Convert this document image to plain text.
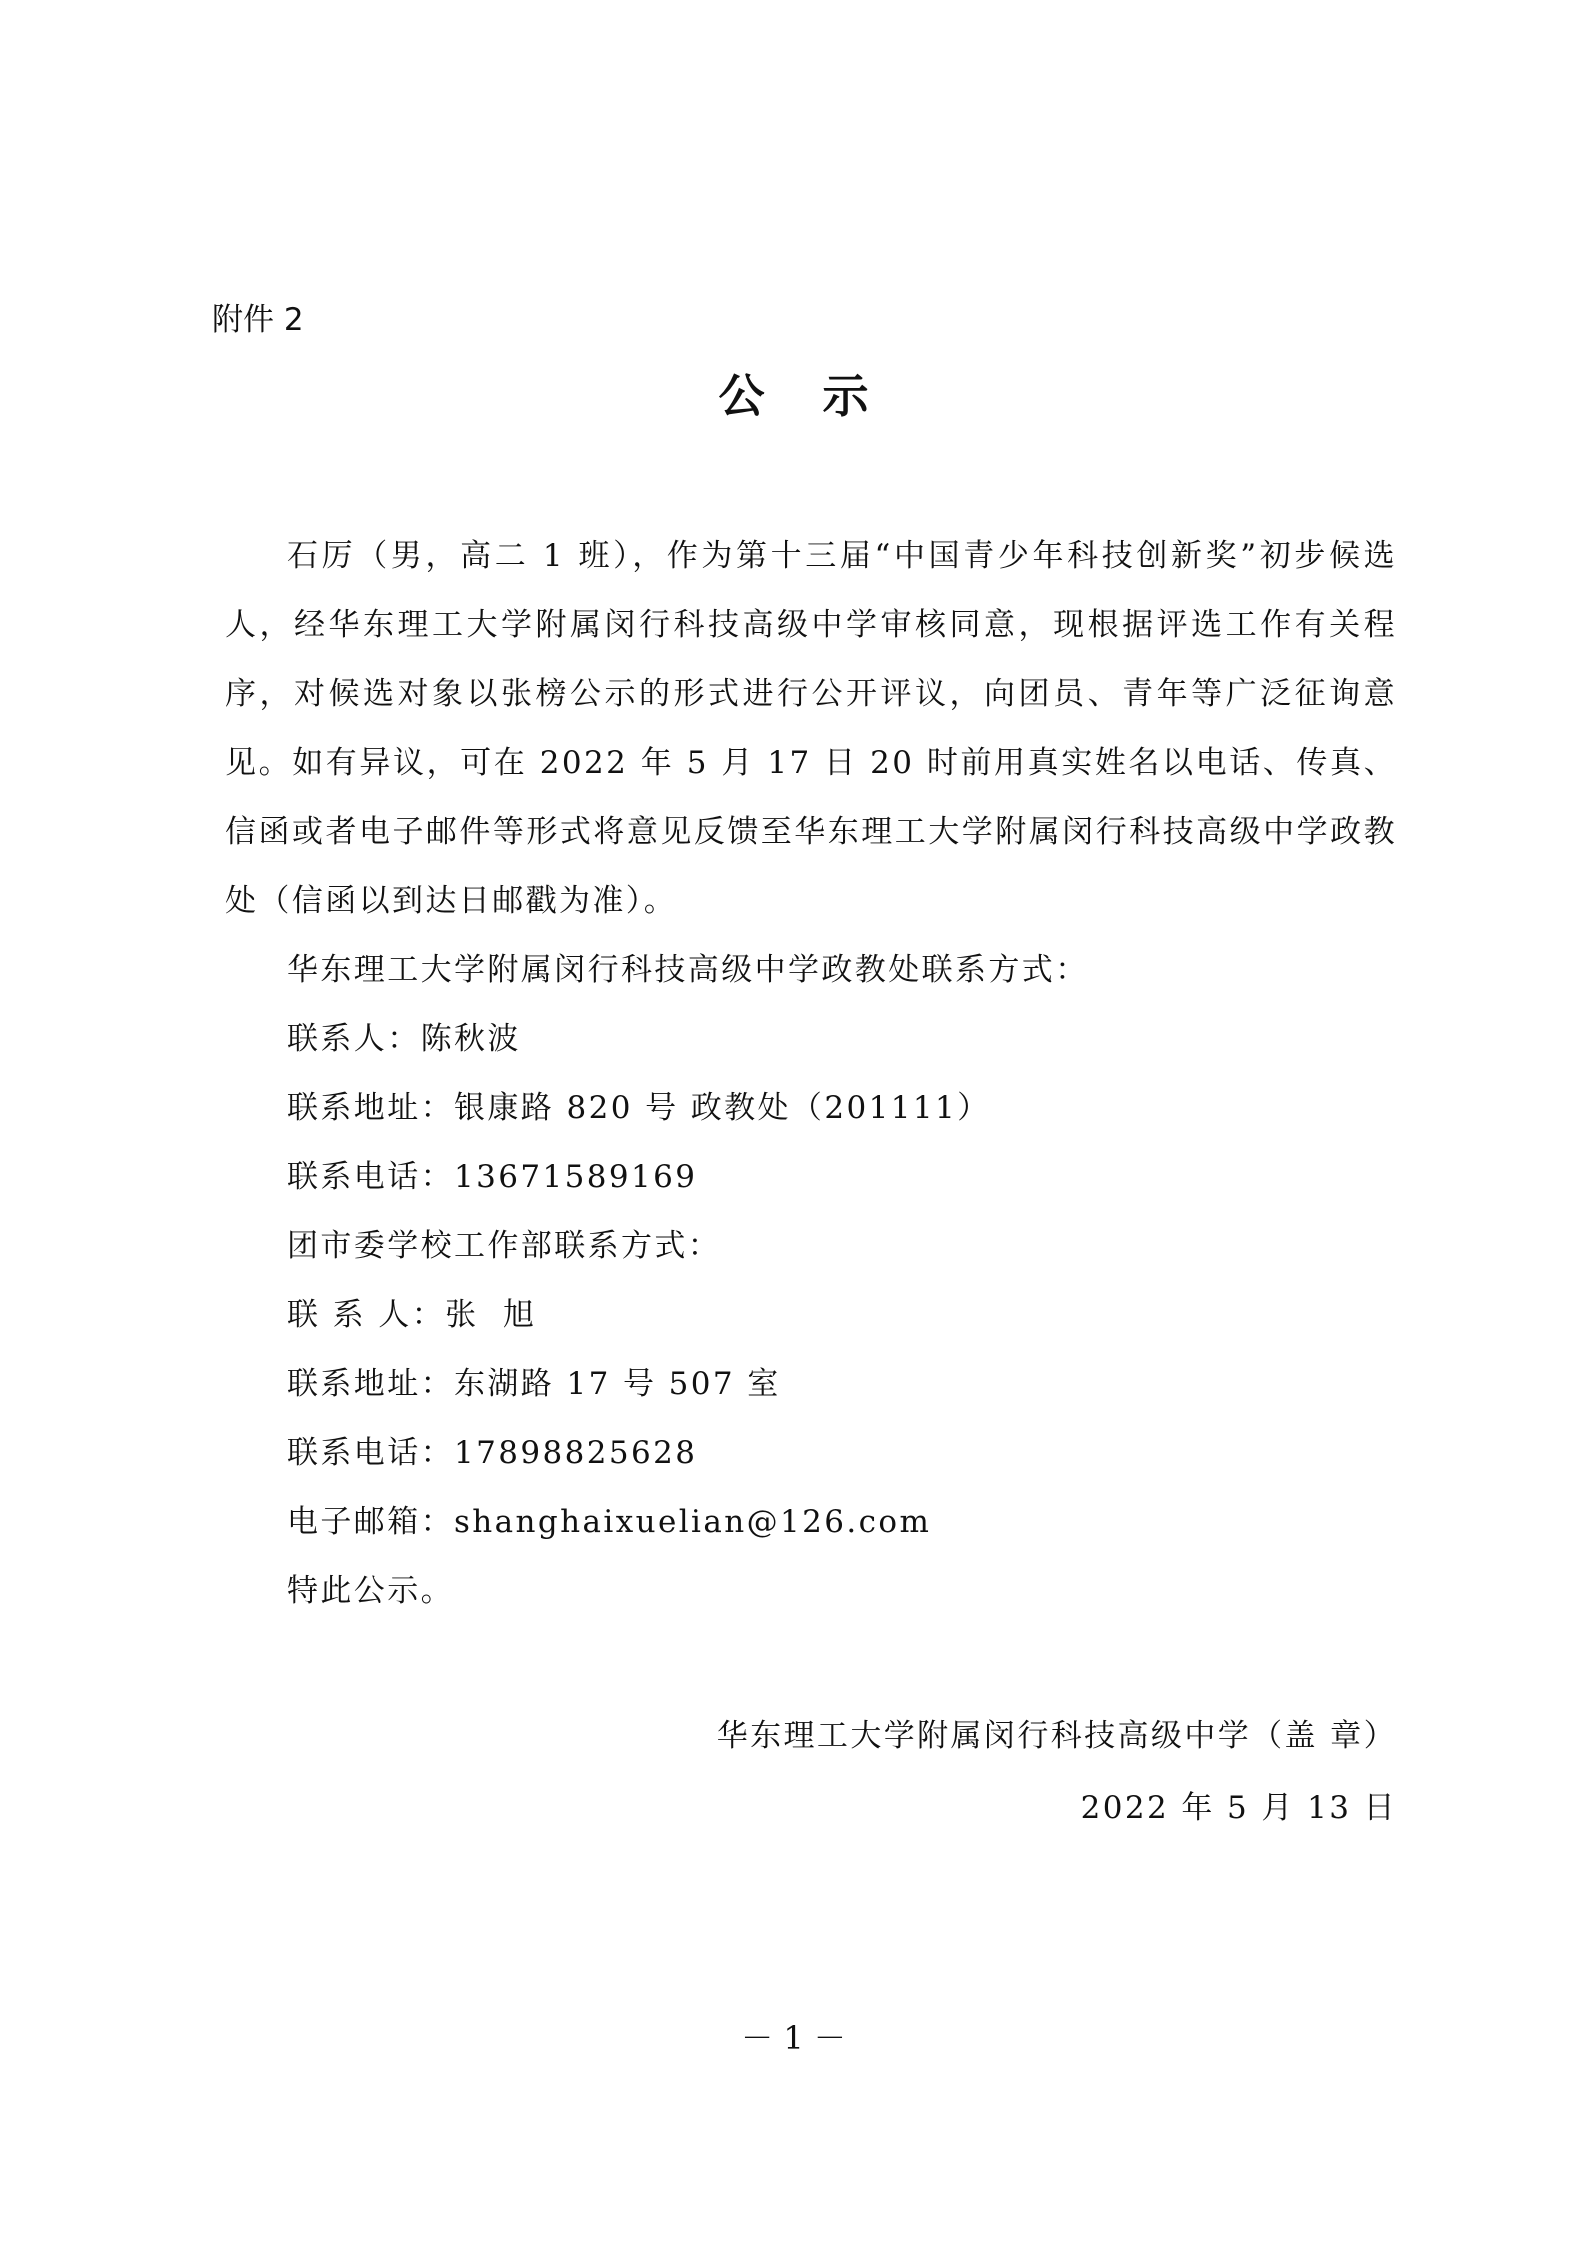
附件 2
公示

石厉（男，高二 1 班），作为第十三届“中国青少年科技创新奖”初步候选人，经华东理工大学附属闵行科技高级中学审核同意，现根据评选工作有关程序，对候选对象以张榜公示的形式进行公开评议，向团员、青年等广泛征询意见。如有异议，可在 2022 年 5 月 17 日 20 时前用真实姓名以电话、传真、信函或者电子邮件等形式将意见反馈至华东理工大学附属闵行科技高级中学政教处（信函以到达日邮戳为准）。

华东理工大学附属闵行科技高级中学政教处联系方式：

联系人：陈秋波

联系地址：银康路 820 号 政教处（201111）

联系电话：13671589169

团市委学校工作部联系方式：

联 系 人：张  旭

联系地址：东湖路 17 号 507 室

联系电话：17898825628

电子邮箱：shanghaixuelian@126.com

特此公示。

华东理工大学附属闵行科技高级中学（盖 章）
2022 年 5 月 13 日
－ 1 －
